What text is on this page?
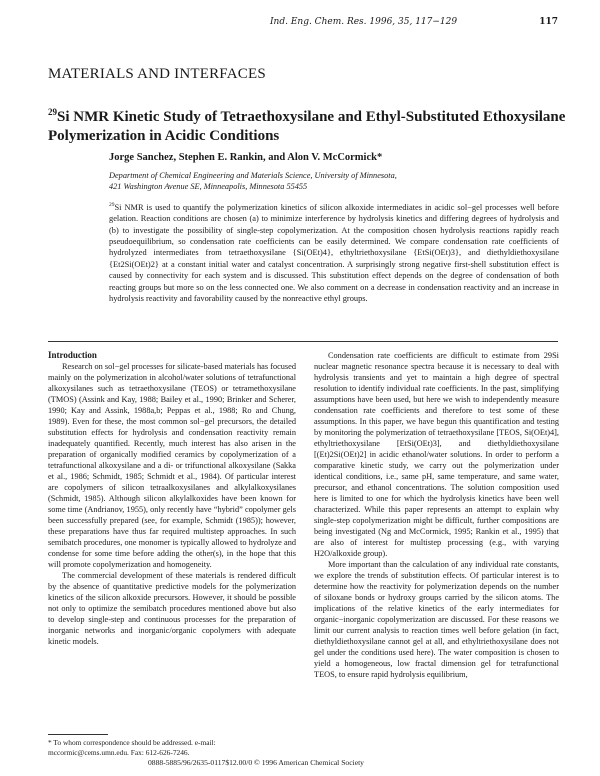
Ind. Eng. Chem. Res. 1996, 35, 117−129	117
MATERIALS AND INTERFACES
$^{29}$Si NMR Kinetic Study of Tetraethoxysilane and Ethyl-Substituted Ethoxysilane Polymerization in Acidic Conditions
Jorge Sanchez, Stephen E. Rankin, and Alon V. McCormick*
Department of Chemical Engineering and Materials Science, University of Minnesota,
421 Washington Avenue SE, Minneapolis, Minnesota 55455
$^{29}$Si NMR is used to quantify the polymerization kinetics of silicon alkoxide intermediates in acidic sol−gel processes well before gelation. Reaction conditions are chosen (a) to minimize interference by hydrolysis kinetics and differing degrees of hydrolysis and (b) to investigate the possibility of single-step copolymerization. At the composition chosen hydrolysis reactions rapidly reach pseudoequilibrium, so condensation rate coefficients can be easily determined. We compare condensation rate coefficients of hydrolyzed intermediates from tetraethoxysilane {Si(OEt)4}, ethyltriethoxysilane {EtSi(OEt)3}, and diethyldiethoxysilane {Et2Si(OEt)2} at a constant initial water and catalyst concentration. A surprisingly strong negative first-shell substitution effect is caused by connectivity for each system and is discussed. This substitution effect depends on the degree of condensation of both reacting groups but more so on the less connected one. We also comment on a decrease in condensation reactivity and an increase in hydrolysis reactivity and favorability caused by the nonreactive ethyl groups.

Introduction

Research on sol−gel processes for silicate-based materials has focused mainly on the polymerization in alcohol/water solutions of tetrafunctional alkoxysilanes such as tetraethoxysilane (TEOS) or tetramethoxysilane (TMOS) (Assink and Kay, 1988; Bailey et al., 1990; Brinker and Scherer, 1990; Kay and Assink, 1988a,b; Peppas et al., 1988; Ro and Chung, 1989). Even for these, the most common sol−gel precursors, the detailed substitution effects for hydrolysis and condensation reactivity remain inadequately quantified. Recently, much interest has also arisen in the preparation of organically modified ceramics by copolymerization of a tetrafunctional alkoxysilane and a di- or trifunctional alkoxysilane (Sakka et al., 1986; Schmidt, 1985; Schmidt et al., 1984). Of particular interest are copolymers of silicon tetraalkoxysilanes and alkylalkoxysilanes (Schmidt, 1985). Although silicon alkylalkoxides have been known for some time (Andrianov, 1955), only recently have “hybrid” copolymer gels been successfully prepared (see, for example, Schmidt (1985)); however, these preparations have thus far required multistep approaches. In such semibatch procedures, one monomer is typically allowed to hydrolyze and condense for some time before adding the other(s), in the hope that this will promote copolymerization and homogeneity.

The commercial development of these materials is rendered difficult by the absence of quantitative predictive models for the polymerization kinetics of the silicon alkoxide precursors. However, it should be possible not only to optimize the semibatch procedures mentioned above but also to develop single-step and continuous processes for the preparation of inorganic networks and inorganic/organic copolymers with adequate kinetic models.

Condensation rate coefficients are difficult to estimate from 29Si nuclear magnetic resonance spectra because it is necessary to deal with hydrolysis transients and yet to maintain a high degree of spectral resolution to identify individual rate coefficients. In the past, simplifying assumptions have been used, but here we wish to independently measure condensation rate coefficients and therefore to test some of these assumptions. In this paper, we have begun this quantification and testing by monitoring the polymerization of tetraethoxysilane [TEOS, Si(OEt)4], ethyltriethoxysilane [EtSi(OEt)3], and diethyldiethoxysilane [(Et)2Si(OEt)2] in acidic ethanol/water solutions. In order to perform a comparative kinetic study, we carry out the polymerization under identical conditions, i.e., same pH, same temperature, and same water, precursor, and ethanol concentrations. The solution composition used here is limited to one for which the hydrolysis kinetics have been well characterized. While this paper represents an attempt to explain why single-step copolymerization might be difficult, further compositions are being investigated (Ng and McCormick, 1995; Rankin et al., 1995) that are also of interest for multistep processing (e.g., with varying H2O/alkoxide group).

More important than the calculation of any individual rate constants, we explore the trends of substitution effects. Of particular interest is to determine how the reactivity for polymerization depends on the number of siloxane bonds or hydroxy groups carried by the silicon atoms. The implications of the relative kinetics of the early intermediates for organic−inorganic copolymerization are discussed. For these reasons we limit our current analysis to reaction times well before gelation (in fact, diethyldiethoxysilane cannot gel at all, and ethyltriethoxysilane does not gel under the conditions used here). The water composition is chosen to yield a homogeneous, low fractal dimension gel for tetrafunctional TEOS, to ensure rapid hydrolysis equilibrium,

* To whom correspondence should be addressed. e-mail: mccormic@cems.umn.edu. Fax: 612-626-7246.
0888-5885/96/2635-0117$12.00/0 © 1996 American Chemical Society
